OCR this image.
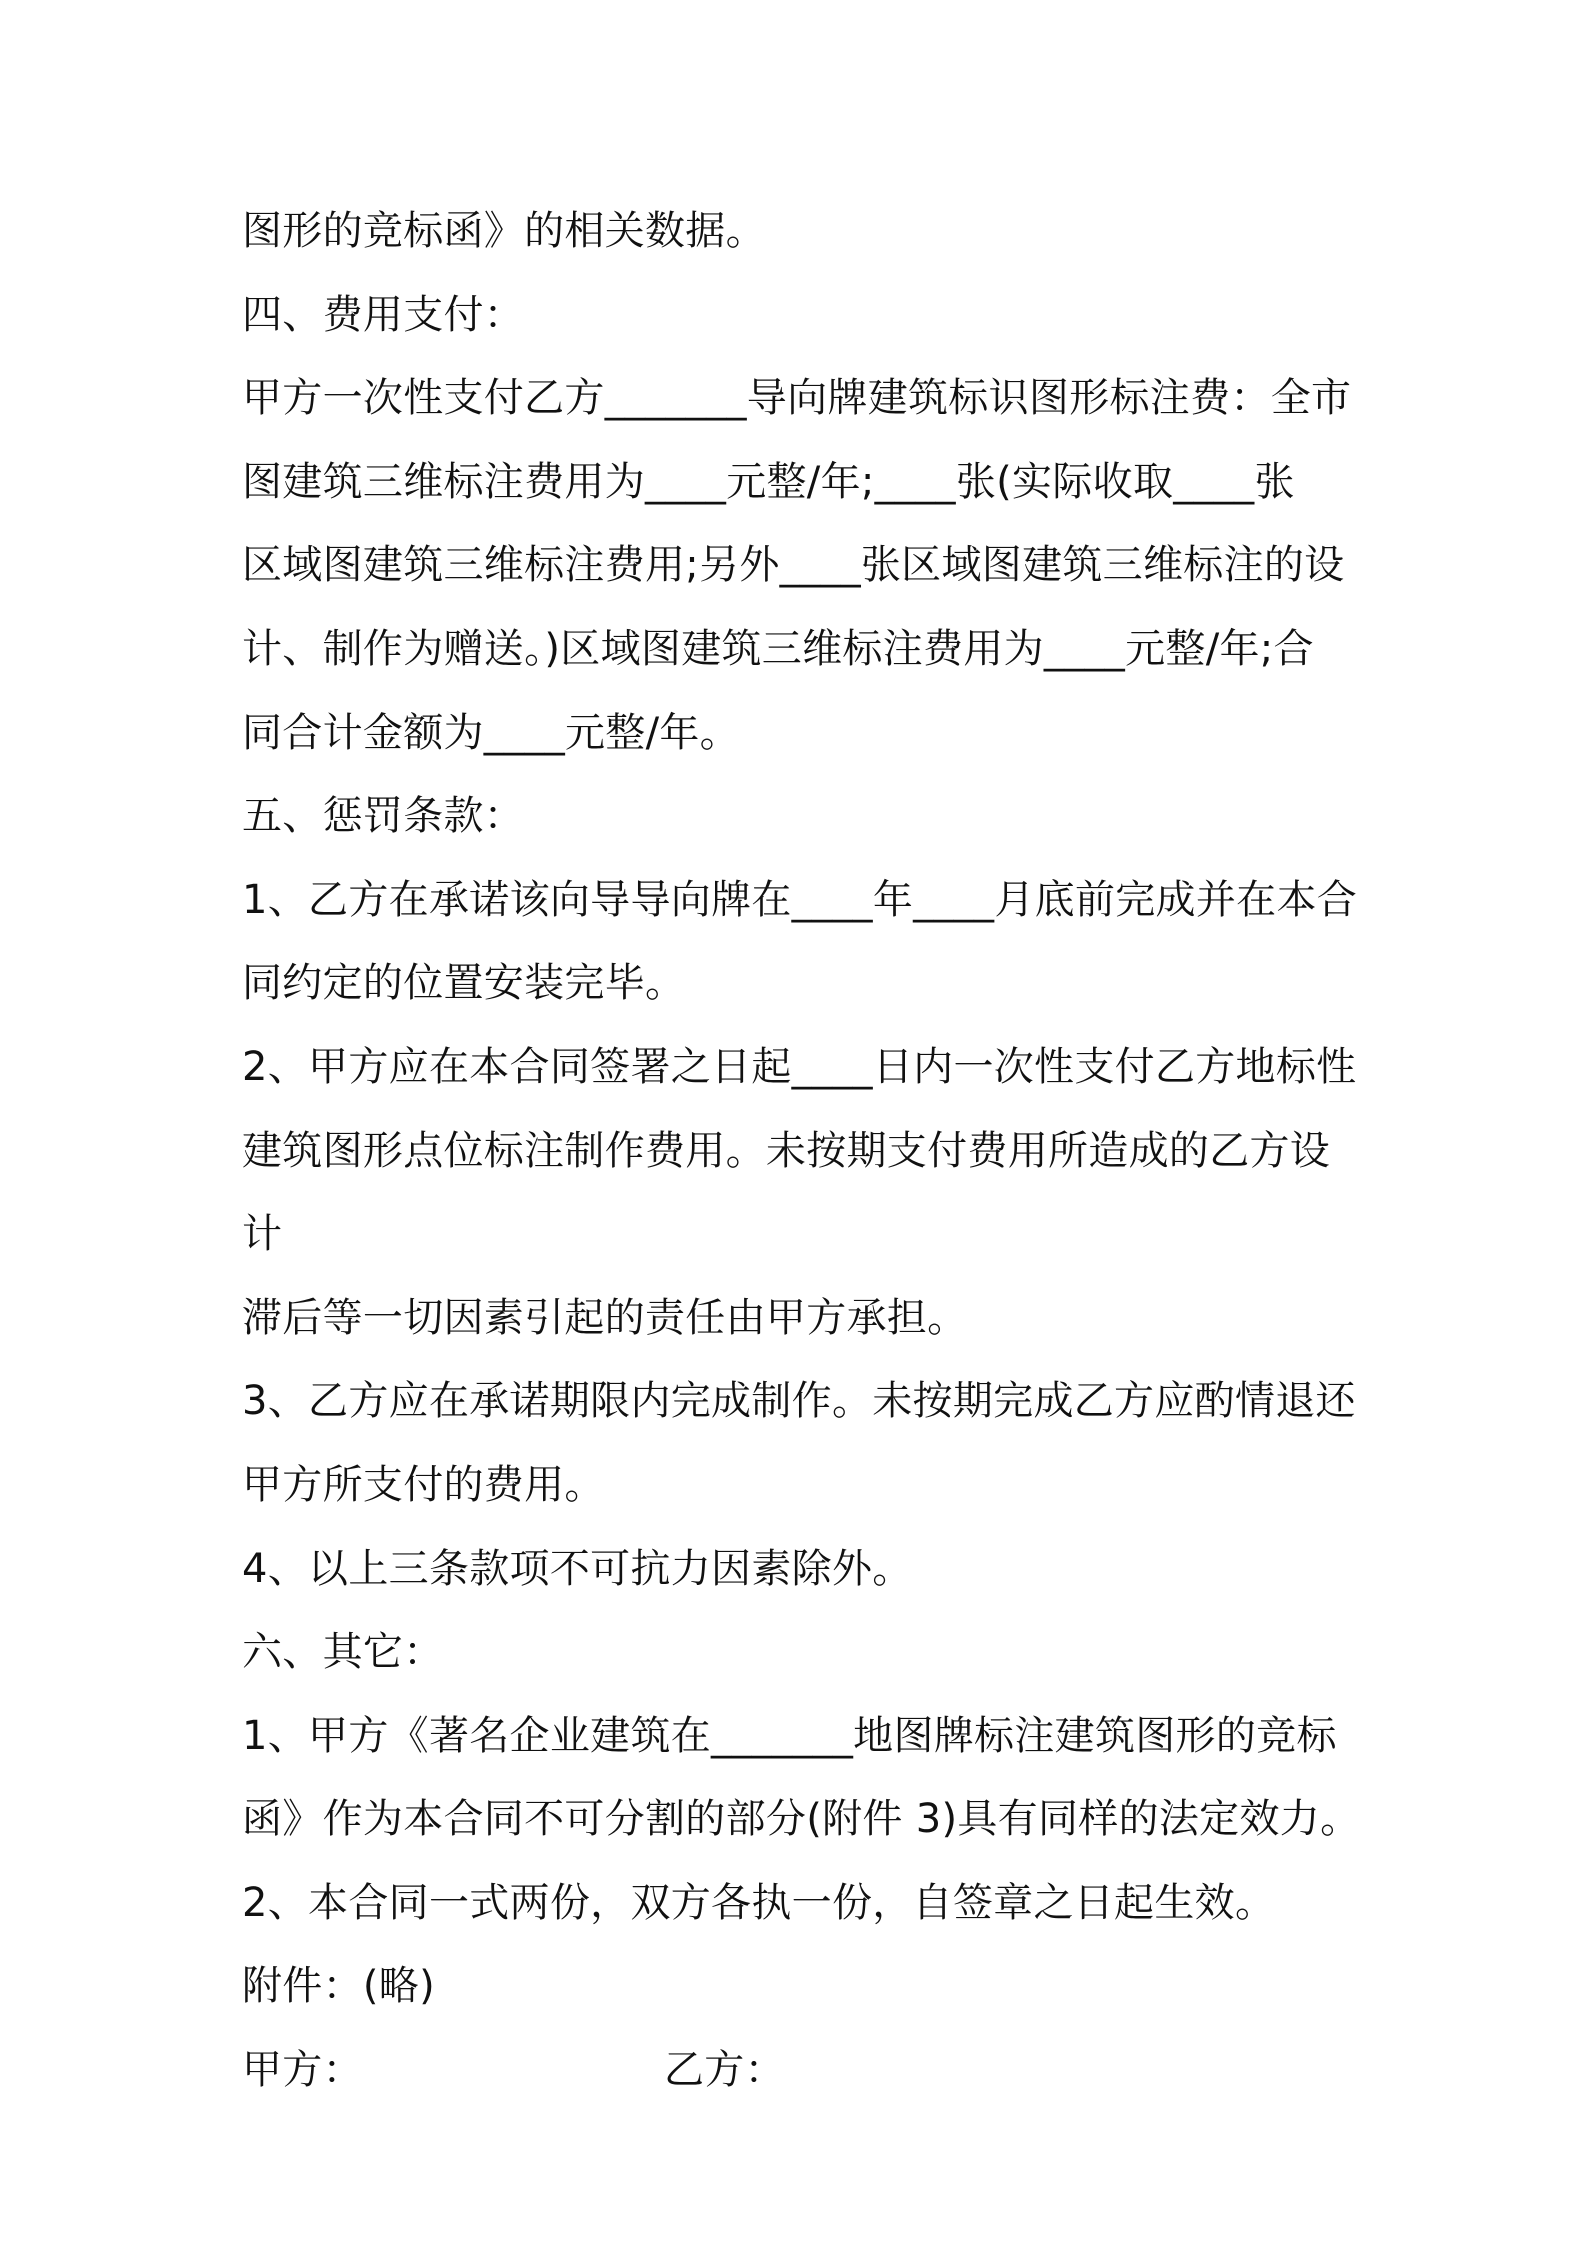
图形的竞标函》的相关数据。

四、费用支付：

甲方一次性支付乙方_______导向牌建筑标识图形标注费：全市

图建筑三维标注费用为____元整/年;____张(实际收取____张

区域图建筑三维标注费用;另外____张区域图建筑三维标注的设

计、制作为赠送。)区域图建筑三维标注费用为____元整/年;合

同合计金额为____元整/年。

五、惩罚条款：

1、乙方在承诺该向导导向牌在____年____月底前完成并在本合

同约定的位置安装完毕。

2、甲方应在本合同签署之日起____日内一次性支付乙方地标性

建筑图形点位标注制作费用。未按期支付费用所造成的乙方设计

滞后等一切因素引起的责任由甲方承担。

3、乙方应在承诺期限内完成制作。未按期完成乙方应酌情退还

甲方所支付的费用。

4、以上三条款项不可抗力因素除外。

六、其它：

1、甲方《著名企业建筑在_______地图牌标注建筑图形的竞标

函》作为本合同不可分割的部分(附件 3)具有同样的法定效力。

2、本合同一式两份，双方各执一份，自签章之日起生效。

附件：(略)

甲方：	乙方：
